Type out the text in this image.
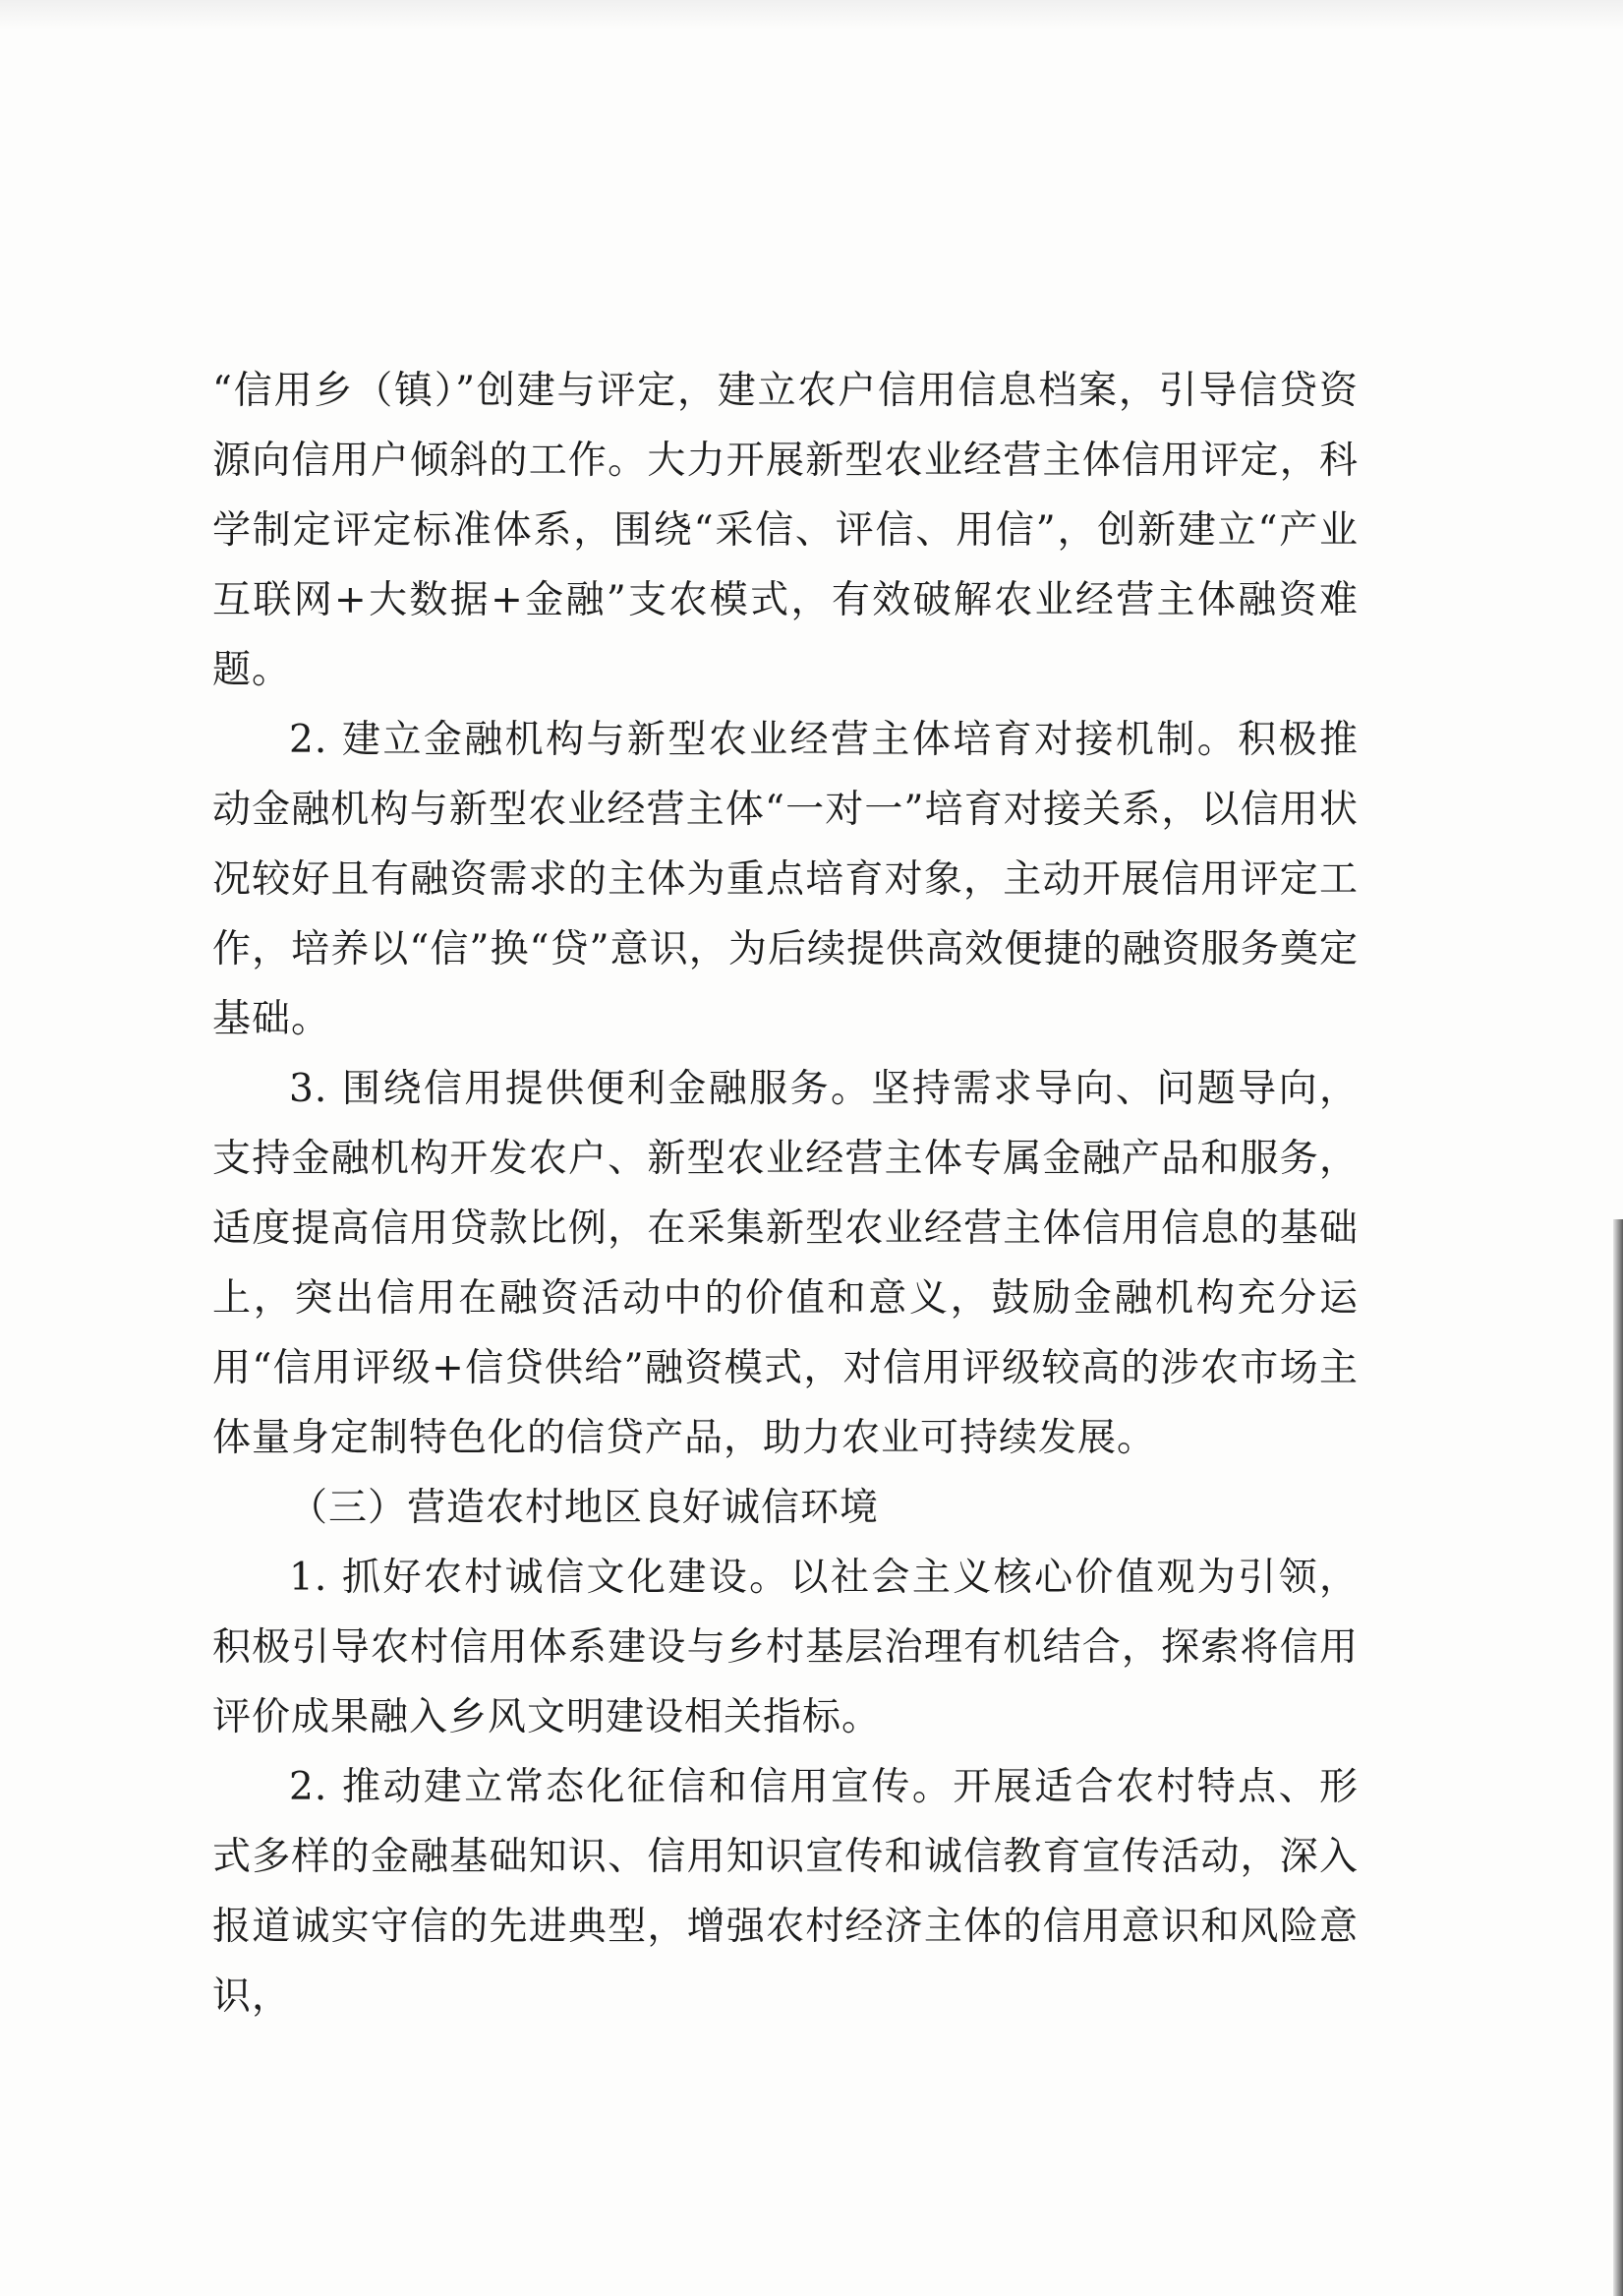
“信用乡（镇）”创建与评定，建立农户信用信息档案，引导信贷资源向信用户倾斜的工作。大力开展新型农业经营主体信用评定，科学制定评定标准体系，围绕“采信、评信、用信”，创新建立“产业互联网+大数据+金融”支农模式，有效破解农业经营主体融资难题。

2. 建立金融机构与新型农业经营主体培育对接机制。积极推动金融机构与新型农业经营主体“一对一”培育对接关系，以信用状况较好且有融资需求的主体为重点培育对象，主动开展信用评定工作，培养以“信”换“贷”意识，为后续提供高效便捷的融资服务奠定基础。

3. 围绕信用提供便利金融服务。坚持需求导向、问题导向，支持金融机构开发农户、新型农业经营主体专属金融产品和服务，适度提高信用贷款比例，在采集新型农业经营主体信用信息的基础上，突出信用在融资活动中的价值和意义，鼓励金融机构充分运用“信用评级+信贷供给”融资模式，对信用评级较高的涉农市场主体量身定制特色化的信贷产品，助力农业可持续发展。

（三）营造农村地区良好诚信环境

1. 抓好农村诚信文化建设。以社会主义核心价值观为引领，积极引导农村信用体系建设与乡村基层治理有机结合，探索将信用评价成果融入乡风文明建设相关指标。

2. 推动建立常态化征信和信用宣传。开展适合农村特点、形式多样的金融基础知识、信用知识宣传和诚信教育宣传活动，深入报道诚实守信的先进典型，增强农村经济主体的信用意识和风险意识，
